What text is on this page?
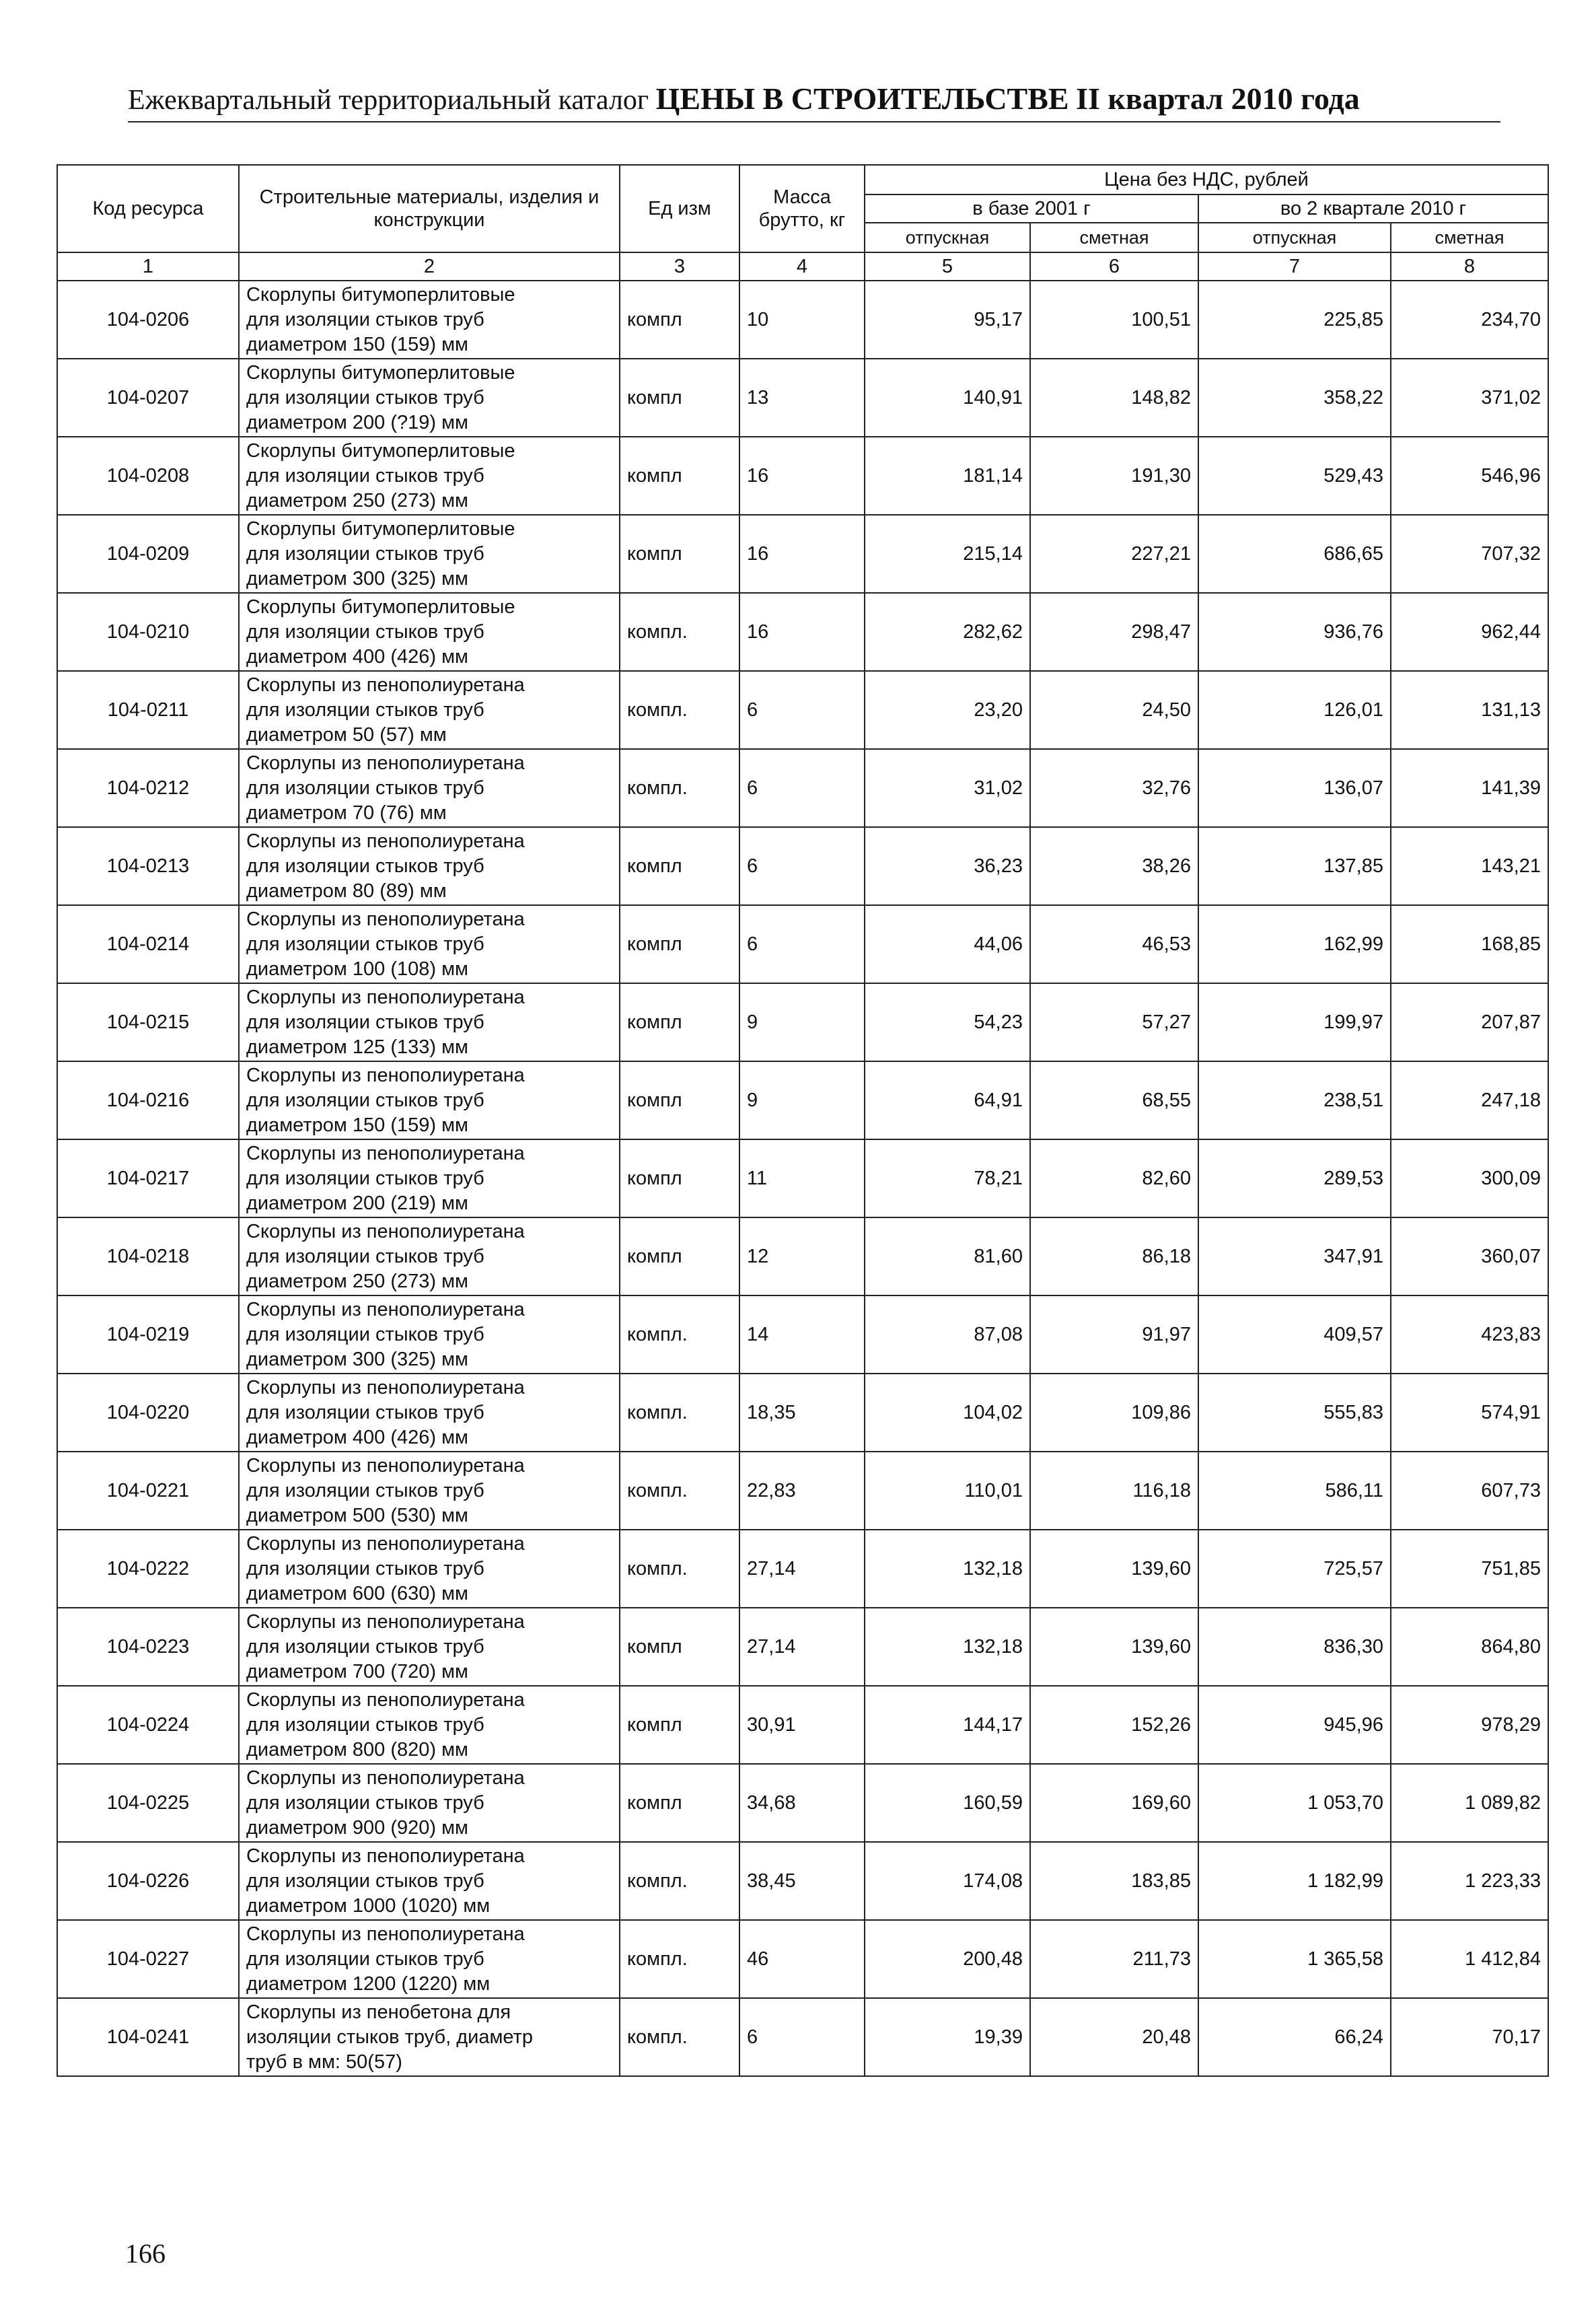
Ежеквартальный территориальный каталог ЦЕНЫ В СТРОИТЕЛЬСТВЕ II квартал 2010 года
Код ресурса	Строительные материалы, изделия и конструкции	Ед изм	Масса брутто, кг	Цена без НДС, рублей			
				в базе 2001 г		во 2 квартале 2010 г	
				отпускная	сметная	отпускная	сметная
1	2	3	4	5	6	7	8
104-0206	Скорлупы битумоперлитовые
для изоляции стыков труб
диаметром 150 (159) мм	компл	10	95,17	100,51	225,85	234,70
104-0207	Скорлупы битумоперлитовые
для изоляции стыков труб
диаметром 200 (?19) мм	компл	13	140,91	148,82	358,22	371,02
104-0208	Скорлупы битумоперлитовые
для изоляции стыков труб
диаметром 250 (273) мм	компл	16	181,14	191,30	529,43	546,96
104-0209	Скорлупы битумоперлитовые
для изоляции стыков труб
диаметром 300 (325) мм	компл	16	215,14	227,21	686,65	707,32
104-0210	Скорлупы битумоперлитовые
для изоляции стыков труб
диаметром 400 (426) мм	компл.	16	282,62	298,47	936,76	962,44
104-0211	Скорлупы из пенополиуретана
для изоляции стыков труб
диаметром 50 (57) мм	компл.	6	23,20	24,50	126,01	131,13
104-0212	Скорлупы из пенополиуретана
для изоляции стыков труб
диаметром 70 (76) мм	компл.	6	31,02	32,76	136,07	141,39
104-0213	Скорлупы из пенополиуретана
для изоляции стыков труб
диаметром 80 (89) мм	компл	6	36,23	38,26	137,85	143,21
104-0214	Скорлупы из пенополиуретана
для изоляции стыков труб
диаметром 100 (108) мм	компл	6	44,06	46,53	162,99	168,85
104-0215	Скорлупы из пенополиуретана
для изоляции стыков труб
диаметром 125 (133) мм	компл	9	54,23	57,27	199,97	207,87
104-0216	Скорлупы из пенополиуретана
для изоляции стыков труб
диаметром 150 (159) мм	компл	9	64,91	68,55	238,51	247,18
104-0217	Скорлупы из пенополиуретана
для изоляции стыков труб
диаметром 200 (219) мм	компл	11	78,21	82,60	289,53	300,09
104-0218	Скорлупы из пенополиуретана
для изоляции стыков труб
диаметром 250 (273) мм	компл	12	81,60	86,18	347,91	360,07
104-0219	Скорлупы из пенополиуретана
для изоляции стыков труб
диаметром 300 (325) мм	компл.	14	87,08	91,97	409,57	423,83
104-0220	Скорлупы из пенополиуретана
для изоляции стыков труб
диаметром 400 (426) мм	компл.	18,35	104,02	109,86	555,83	574,91
104-0221	Скорлупы из пенополиуретана
для изоляции стыков труб
диаметром 500 (530) мм	компл.	22,83	110,01	116,18	586,11	607,73
104-0222	Скорлупы из пенополиуретана
для изоляции стыков труб
диаметром 600 (630) мм	компл.	27,14	132,18	139,60	725,57	751,85
104-0223	Скорлупы из пенополиуретана
для изоляции стыков труб
диаметром 700 (720) мм	компл	27,14	132,18	139,60	836,30	864,80
104-0224	Скорлупы из пенополиуретана
для изоляции стыков труб
диаметром 800 (820) мм	компл	30,91	144,17	152,26	945,96	978,29
104-0225	Скорлупы из пенополиуретана
для изоляции стыков труб
диаметром 900 (920) мм	компл	34,68	160,59	169,60	1 053,70	1 089,82
104-0226	Скорлупы из пенополиуретана
для изоляции стыков труб
диаметром 1000 (1020) мм	компл.	38,45	174,08	183,85	1 182,99	1 223,33
104-0227	Скорлупы из пенополиуретана
для изоляции стыков труб
диаметром 1200 (1220) мм	компл.	46	200,48	211,73	1 365,58	1 412,84
104-0241	Скорлупы из пенобетона для
изоляции стыков труб, диаметр
труб в мм: 50(57)	компл.	6	19,39	20,48	66,24	70,17
166
